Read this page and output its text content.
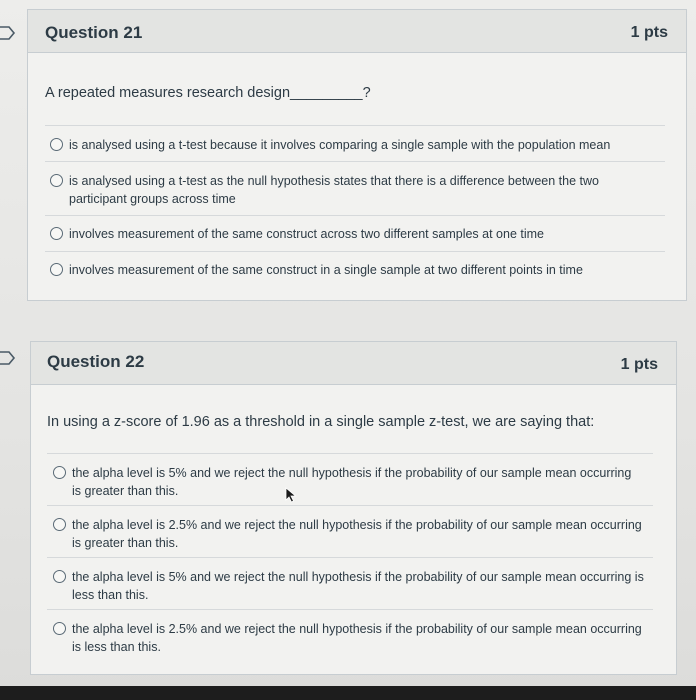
Question 21	1 pts
A repeated measures research design_________?
is analysed using a t-test because it involves comparing a single sample with the population mean
is analysed using a t-test as the null hypothesis states that there is a difference between the two participant groups across time
involves measurement of the same construct across two different samples at one time
involves measurement of the same construct in a single sample at two different points in time
Question 22	1 pts
In using a z-score of 1.96 as a threshold in a single sample z-test, we are saying that:
the alpha level is 5% and we reject the null hypothesis if the probability of our sample mean occurring is greater than this.
the alpha level is 2.5% and we reject the null hypothesis if the probability of our sample mean occurring is greater than this.
the alpha level is 5% and we reject the null hypothesis if the probability of our sample mean occurring is less than this.
the alpha level is 2.5% and we reject the null hypothesis if the probability of our sample mean occurring is less than this.
